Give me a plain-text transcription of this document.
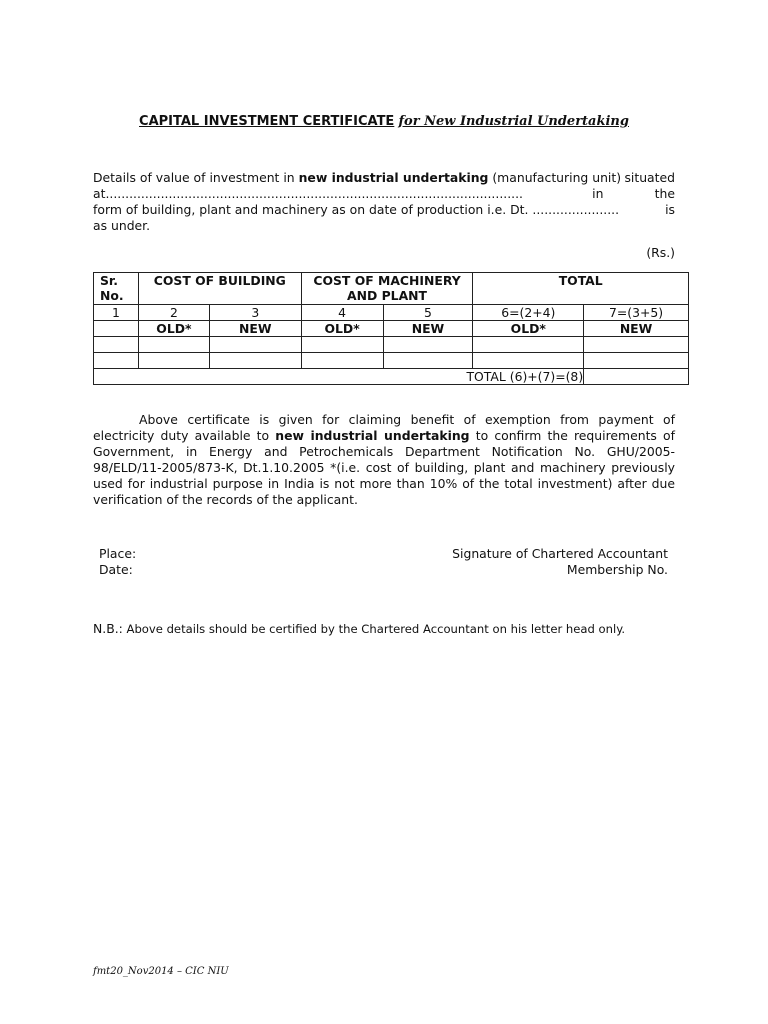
CAPITAL INVESTMENT CERTIFICATE for New Industrial Undertaking
Details of value of investment in new industrial undertaking (manufacturing unit) situated
at..........................................................................................................	in	the
form of building, plant and machinery as on date of production i.e. Dt. ......................	is
as under.
(Rs.)
Sr. No.	COST OF BUILDING		COST OF MACHINERY AND PLANT		TOTAL	
1	2	3	4	5	6=(2+4)	7=(3+5)
	OLD*	NEW	OLD*	NEW	OLD*	NEW

TOTAL (6)+(7)=(8)						
Above certificate is given for claiming benefit of exemption from payment of electricity duty available to new industrial undertaking to confirm the requirements of Government, in Energy and Petrochemicals Department Notification No. GHU/2005-98/ELD/11-2005/873-K, Dt.1.10.2005 *(i.e. cost of building, plant and machinery previously used for industrial purpose in India is not more than 10% of the total investment) after due verification of the records of the applicant.
Place:
Date:
Signature of Chartered Accountant
Membership No.
N.B.: Above details should be certified by the Chartered Accountant on his letter head only.
fmt20_Nov2014 – CIC NIU
